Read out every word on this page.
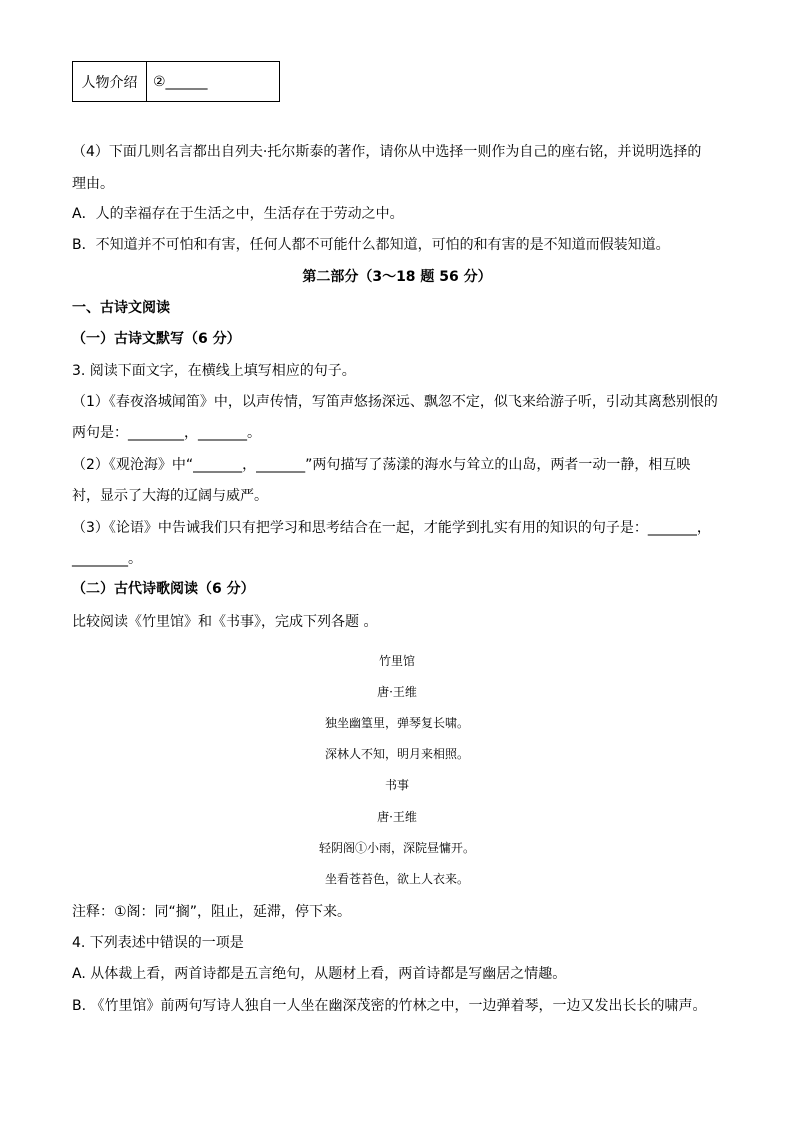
人物介绍	②______
（4）下面几则名言都出自列夫·托尔斯泰的著作，请你从中选择一则作为自己的座右铭，并说明选择的
理由。
A．人的幸福存在于生活之中，生活存在于劳动之中。
B．不知道并不可怕和有害，任何人都不可能什么都知道，可怕的和有害的是不知道而假装知道。
第二部分（3～18 题 56 分）
一、古诗文阅读
（一）古诗文默写（6 分）
3. 阅读下面文字，在横线上填写相应的句子。
（1）《春夜洛城闻笛》中，以声传情，写笛声悠扬深远、飘忽不定，似飞来给游子听，引动其离愁别恨的
两句是：________，_______。
（2）《观沧海》中“_______，_______”两句描写了荡漾的海水与耸立的山岛，两者一动一静，相互映
衬，显示了大海的辽阔与威严。
（3）《论语》中告诫我们只有把学习和思考结合在一起，才能学到扎实有用的知识的句子是：_______，
________。
（二）古代诗歌阅读（6 分）
比较阅读《竹里馆》和《书事》，完成下列各题 。
竹里馆
唐·王维
独坐幽篁里，弹琴复长啸。
深林人不知，明月来相照。
书事
唐·王维
轻阴阁①小雨，深院昼慵开。
坐看苍苔色，欲上人衣来。
注释：①阁：同“搁”，阻止，延滞，停下来。
4. 下列表述中错误的一项是
A. 从体裁上看，两首诗都是五言绝句，从题材上看，两首诗都是写幽居之情趣。
B. 《竹里馆》前两句写诗人独自一人坐在幽深茂密的竹林之中，一边弹着琴，一边又发出长长的啸声。
